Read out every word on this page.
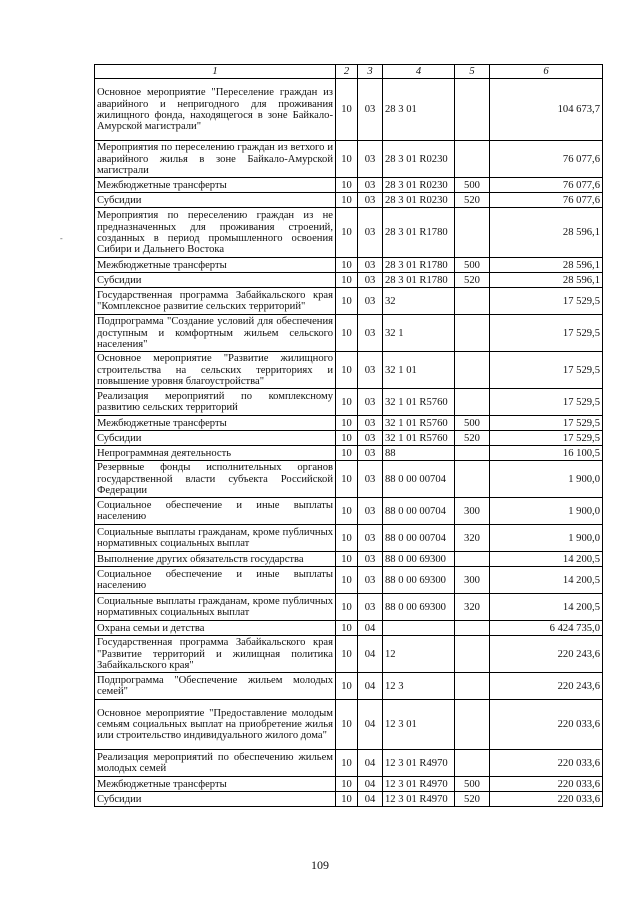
1	2	3	4	5	6
Основное мероприятие "Переселение граждан из аварийного и непригодного для проживания жилищного фонда, находящегося в зоне Байкало-Амурской магистрали"	10	03	28 3 01		104 673,7
Мероприятия по переселению граждан из ветхого и аварийного жилья в зоне Байкало-Амурской магистрали	10	03	28 3 01 R0230		76 077,6
Межбюджетные трансферты	10	03	28 3 01 R0230	500	76 077,6
Субсидии	10	03	28 3 01 R0230	520	76 077,6
Мероприятия по переселению граждан из не предназначенных для проживания строений, созданных в период промышленного освоения Сибири и Дальнего Востока	10	03	28 3 01 R1780		28 596,1
Межбюджетные трансферты	10	03	28 3 01 R1780	500	28 596,1
Субсидии	10	03	28 3 01 R1780	520	28 596,1
Государственная программа Забайкальского края "Комплексное развитие сельских территорий"	10	03	32		17 529,5
Подпрограмма "Создание условий для обеспечения доступным и комфортным жильем сельского населения"	10	03	32 1		17 529,5
Основное мероприятие "Развитие жилищного строительства на сельских территориях и повышение уровня благоустройства"	10	03	32 1 01		17 529,5
Реализация мероприятий по комплексному развитию сельских территорий	10	03	32 1 01 R5760		17 529,5
Межбюджетные трансферты	10	03	32 1 01 R5760	500	17 529,5
Субсидии	10	03	32 1 01 R5760	520	17 529,5
Непрограммная деятельность	10	03	88		16 100,5
Резервные фонды исполнительных органов государственной власти субъекта Российской Федерации	10	03	88 0 00 00704		1 900,0
Социальное обеспечение и иные выплаты населению	10	03	88 0 00 00704	300	1 900,0
Социальные выплаты гражданам, кроме публичных нормативных социальных выплат	10	03	88 0 00 00704	320	1 900,0
Выполнение других обязательств государства	10	03	88 0 00 69300		14 200,5
Социальное обеспечение и иные выплаты населению	10	03	88 0 00 69300	300	14 200,5
Социальные выплаты гражданам, кроме публичных нормативных социальных выплат	10	03	88 0 00 69300	320	14 200,5
Охрана семьи и детства	10	04			6 424 735,0
Государственная программа Забайкальского края "Развитие территорий и жилищная политика Забайкальского края"	10	04	12		220 243,6
Подпрограмма "Обеспечение жильем молодых семей"	10	04	12 3		220 243,6
Основное мероприятие "Предоставление молодым семьям социальных выплат на приобретение жилья или строительство индивидуального жилого дома"	10	04	12 3 01		220 033,6
Реализация мероприятий по обеспечению жильем молодых семей	10	04	12 3 01 R4970		220 033,6
Межбюджетные трансферты	10	04	12 3 01 R4970	500	220 033,6
Субсидии	10	04	12 3 01 R4970	520	220 033,6
-
109
